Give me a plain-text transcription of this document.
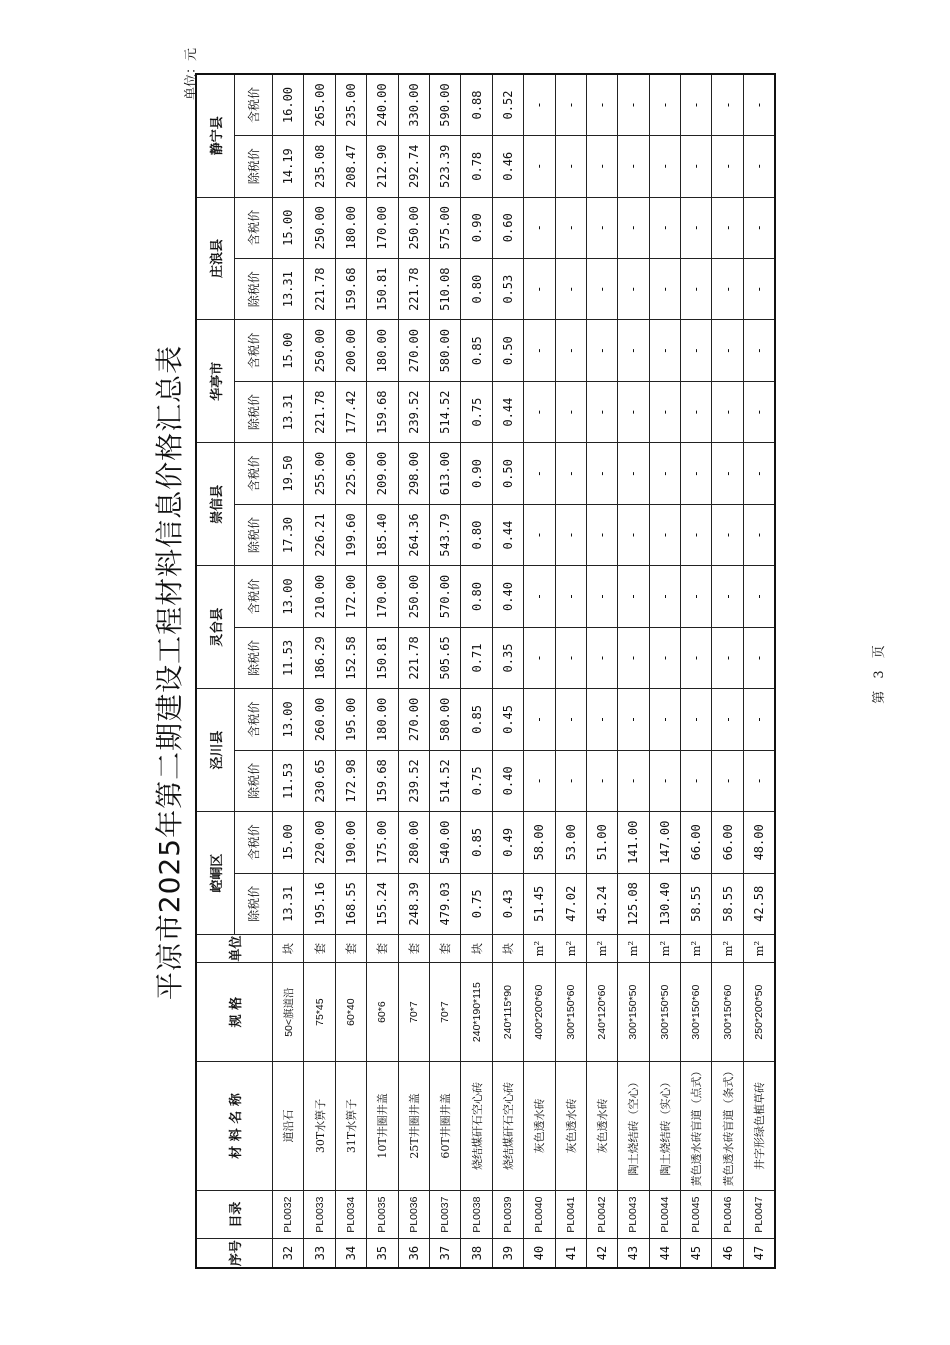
平凉市2025年第二期建设工程材料信息价格汇总表
单位：元
序号	目录	材 料 名 称	规 格	单位	崆峒区		泾川县		灵台县		崇信县		华亭市		庄浪县		静宁县	
					除税价	含税价	除税价	含税价	除税价	含税价	除税价	含税价	除税价	含税价	除税价	含税价	除税价	含税价
32	PL0032	道沿石	50<旗道沿	块	13.31	15.00	11.53	13.00	11.53	13.00	17.30	19.50	13.31	15.00	13.31	15.00	14.19	16.00
33	PL0033	30T水箅子	75*45	套	195.16	220.00	230.65	260.00	186.29	210.00	226.21	255.00	221.78	250.00	221.78	250.00	235.08	265.00
34	PL0034	31T水箅子	60*40	套	168.55	190.00	172.98	195.00	152.58	172.00	199.60	225.00	177.42	200.00	159.68	180.00	208.47	235.00
35	PL0035	10T井圈井盖	60*6	套	155.24	175.00	159.68	180.00	150.81	170.00	185.40	209.00	159.68	180.00	150.81	170.00	212.90	240.00
36	PL0036	25T井圈井盖	70*7	套	248.39	280.00	239.52	270.00	221.78	250.00	264.36	298.00	239.52	270.00	221.78	250.00	292.74	330.00
37	PL0037	60T井圈井盖	70*7	套	479.03	540.00	514.52	580.00	505.65	570.00	543.79	613.00	514.52	580.00	510.08	575.00	523.39	590.00
38	PL0038	烧结煤矸石空心砖	240*190*115	块	0.75	0.85	0.75	0.85	0.71	0.80	0.80	0.90	0.75	0.85	0.80	0.90	0.78	0.88
39	PL0039	烧结煤矸石空心砖	240*115*90	块	0.43	0.49	0.40	0.45	0.35	0.40	0.44	0.50	0.44	0.50	0.53	0.60	0.46	0.52
40	PL0040	灰色透水砖	400*200*60	m²	51.45	58.00	-	-	-	-	-	-	-	-	-	-	-	-
41	PL0041	灰色透水砖	300*150*60	m²	47.02	53.00	-	-	-	-	-	-	-	-	-	-	-	-
42	PL0042	灰色透水砖	240*120*60	m²	45.24	51.00	-	-	-	-	-	-	-	-	-	-	-	-
43	PL0043	陶土烧结砖（空心）	300*150*50	m²	125.08	141.00	-	-	-	-	-	-	-	-	-	-	-	-
44	PL0044	陶土烧结砖（实心）	300*150*50	m²	130.40	147.00	-	-	-	-	-	-	-	-	-	-	-	-
45	PL0045	黄色透水砖盲道（点式）	300*150*60	m²	58.55	66.00	-	-	-	-	-	-	-	-	-	-	-	-
46	PL0046	黄色透水砖盲道（条式）	300*150*60	m²	58.55	66.00	-	-	-	-	-	-	-	-	-	-	-	-
47	PL0047	井字形绿色植草砖	250*200*50	m²	42.58	48.00	-	-	-	-	-	-	-	-	-	-	-	-
第 3 页
